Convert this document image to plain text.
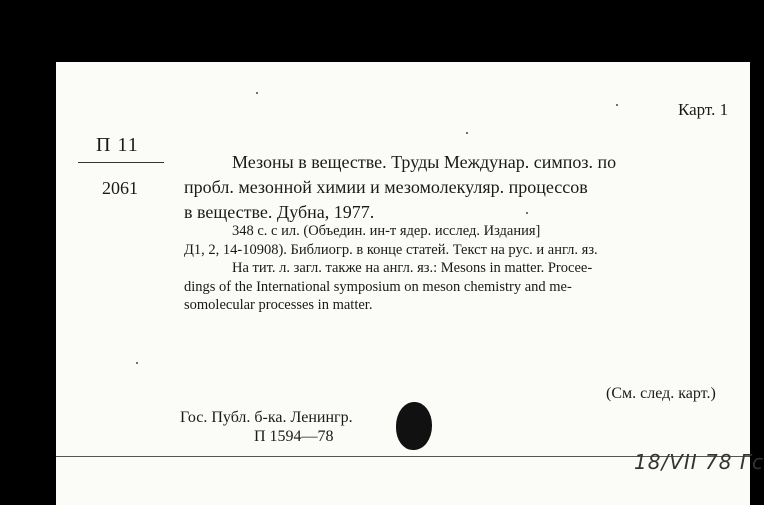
Карт. 1
П 11
2061
Мезоны в веществе. Труды Междунар. симпоз. по
пробл. мезонной химии и мезомолекуляр. процессов
в веществе. Дубна, 1977.
348 с. с ил. (Объедин. ин-т ядер. исслед. Издания]
Д1, 2, 14-10908). Библиогр. в конце статей. Текст на рус. и англ. яз.
На тит. л. загл. также на англ. яз.: Mesons in matter. Procee-
dings of the International symposium on meson chemistry and me-
somolecular processes in matter.
(См. след. карт.)
Гос. Публ. б-ка. Ленингр.
П 1594—78
18/VII 78 Гс
